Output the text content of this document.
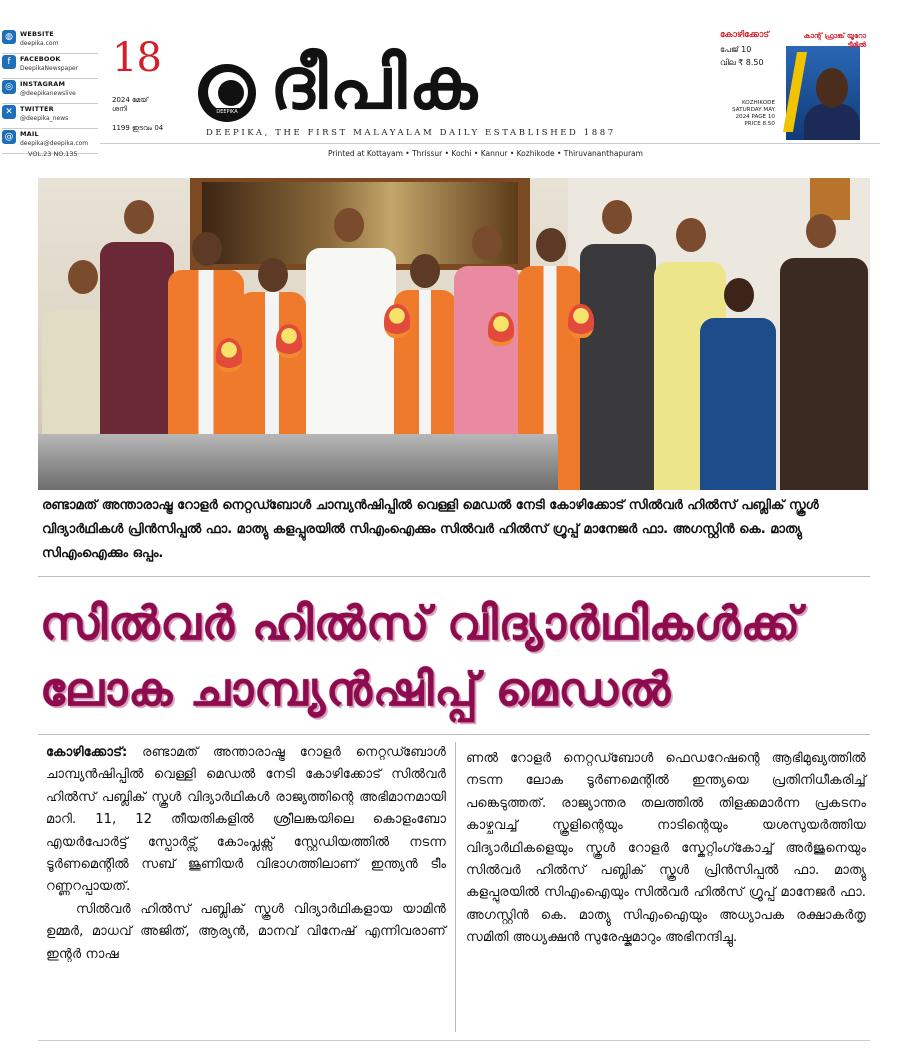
◍	WEBSITE
deepika.com
f	FACEBOOK
DeepikaNewspaper
◎	INSTAGRAM
@deepikanewslive
✕	TWITTER
@deepika_news
@	MAIL
deepika@deepika.com
VOL.23 NO.135
18
2024 മേയ് ശനി
1199 ഇടവം 04
DEEPIKA ദീപിക
DEEPIKA, THE FIRST MALAYALAM DAILY ESTABLISHED 1887
Printed at Kottayam • Thrissur • Kochi • Kannur • Kozhikode • Thiruvananthapuram
കോഴിക്കോട്
പേജ് 10
വില ₹ 8.50
KOZHIKODE SATURDAY MAY 2024 PAGE 10 PRICE 8.50
കാന്റ് ഫ്രാങ്ക് യൂറോ ടീമിൽ
രണ്ടാമത് അന്താരാഷ്ട്ര റോളർ നെറ്റഡ്ബോൾ ചാമ്പ്യൻഷിപ്പിൽ വെള്ളി മെഡൽ നേടി കോഴിക്കോട് സിൽവർ ഹിൽസ് പബ്ലിക് സ്കൂൾ വിദ്യാർഥികൾ പ്രിൻസിപ്പൽ ഫാ. മാത്യു കളപ്പുരയിൽ സിഎംഐക്കും സിൽവർ ഹിൽസ് ഗ്രൂപ്പ് മാനേജർ ഫാ. അഗസ്റ്റിൻ കെ. മാത്യു സിഎംഐക്കും ഒപ്പം.
സിൽവർ ഹിൽസ് വിദ്യാർഥികൾക്ക്
ലോക ചാമ്പ്യൻഷിപ്പ് മെഡൽ

കോഴിക്കോട്: രണ്ടാമത് അന്താരാഷ്ട്ര റോളർ നെറ്റഡ്ബോൾ ചാമ്പ്യൻഷിപ്പിൽ വെള്ളി മെഡൽ നേടി കോഴിക്കോട് സിൽവർ ഹിൽസ് പബ്ലിക് സ്കൂൾ വിദ്യാർഥികൾ രാജ്യത്തിന്റെ അഭിമാനമായി മാറി. 11, 12 തീയതികളിൽ ശ്രീലങ്കയിലെ കൊളംബോ എയർപോർട്ട് സ്പോർട്സ് കോംപ്ലക്സ് സ്റ്റേഡിയത്തിൽ നടന്ന ടൂർണമെന്റിൽ സബ് ജൂണിയർ വിഭാഗത്തിലാണ് ഇന്ത്യൻ ടീം റണ്ണറപ്പായത്.

സിൽവർ ഹിൽസ് പബ്ലിക് സ്കൂൾ വിദ്യാർഥികളായ യാമിൻ ഉമ്മർ, മാധവ് അജിത്, ആര്യൻ, മാനവ് വിനേഷ് എന്നിവരാണ് ഇന്റർ നാഷ

ണൽ റോളർ നെറ്റഡ്ബോൾ ഫെഡറേഷന്റെ ആഭിമുഖ്യത്തിൽ നടന്ന ലോക ടൂർണമെന്റിൽ ഇന്ത്യയെ പ്രതിനിധീകരിച്ച് പങ്കെടുത്തത്. രാജ്യാന്തര തലത്തിൽ തിളക്കമാർന്ന പ്രകടനം കാഴ്ചവച്ച് സ്കൂളിന്റെയും നാടിന്റെയും യശസുയർത്തിയ വിദ്യാർഥികളെയും സ്കൂൾ റോളർ സ്കേറ്റിംഗ്കോച്ച് അർജുനെയും സിൽവർ ഹിൽസ് പബ്ലിക് സ്കൂൾ പ്രിൻസിപ്പൽ ഫാ. മാത്യു കളപ്പുരയിൽ സിഎംഐയും സിൽവർ ഹിൽസ് ഗ്രൂപ്പ് മാനേജർ ഫാ. അഗസ്റ്റിൻ കെ. മാത്യു സിഎംഐയും അധ്യാപക രക്ഷാകർതൃ സമിതി അധ്യക്ഷൻ സുരേഷ്കുമാറും അഭിനന്ദിച്ചു.
